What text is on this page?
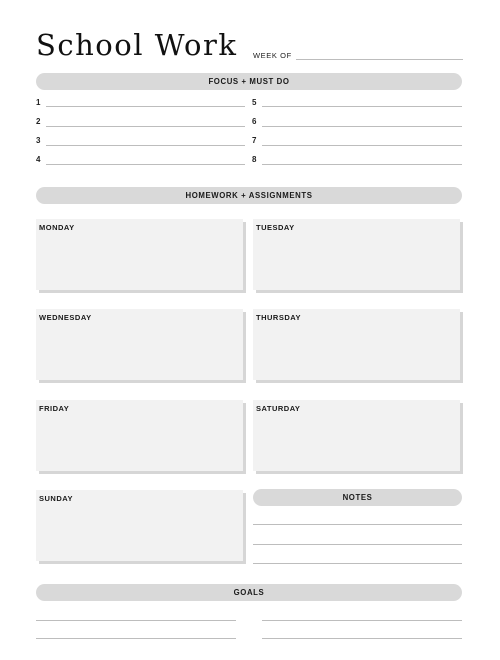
School Work WEEK OF
FOCUS + MUST DO
1
2
3
4
5
6
7
8
HOMEWORK + ASSIGNMENTS
MONDAY	TUESDAY
WEDNESDAY	THURSDAY
FRIDAY	SATURDAY
SUNDAY	NOTES
GOALS
